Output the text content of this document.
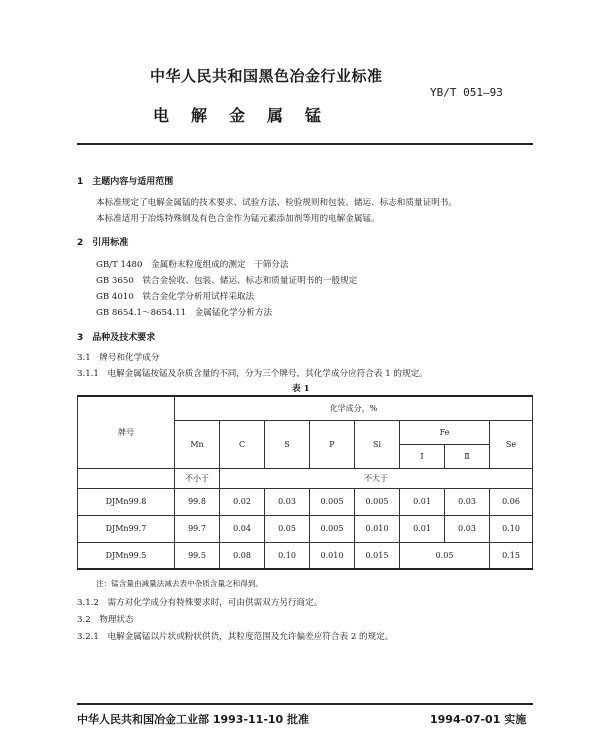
中华人民共和国黑色冶金行业标准
YB/T 051—93
电解金属锰
1　主题内容与适用范围
本标准规定了电解金属锰的技术要求、试验方法、检验规则和包装、储运、标志和质量证明书。
本标准适用于冶炼特殊钢及有色合金作为锰元素添加剂等用的电解金属锰。
2　引用标准
GB/T 1480　金属粉末粒度组成的测定　干筛分法
GB 3650　铁合金验收、包装、储运、标志和质量证明书的一般规定
GB 4010　铁合金化学分析用试样采取法
GB 8654.1～8654.11　金属锰化学分析方法
3　品种及技术要求
3.1　牌号和化学成分
3.1.1　电解金属锰按锰及杂质含量的不同，分为三个牌号，其化学成分应符合表 1 的规定。
表 1
牌号	化学成分，%							
	Mn	C	S	P	Si	Fe		Se
						Ⅰ	Ⅱ	
	不小于	不大于						
DJMn99.8	99.8	0.02	0.03	0.005	0.005	0.01	0.03	0.06
DJMn99.7	99.7	0.04	0.05	0.005	0.010	0.01	0.03	0.10
DJMn99.5	99.5	0.08	0.10	0.010	0.015	0.05		0.15
注：锰含量由减量法减去表中杂质含量之和得到。
3.1.2　需方对化学成分有特殊要求时，可由供需双方另行商定。
3.2　物理状态
3.2.1　电解金属锰以片状或粉状供货，其粒度范围及允许偏差应符合表 2 的规定。
中华人民共和国冶金工业部 1993-11-10 批准	1994-07-01 实施
